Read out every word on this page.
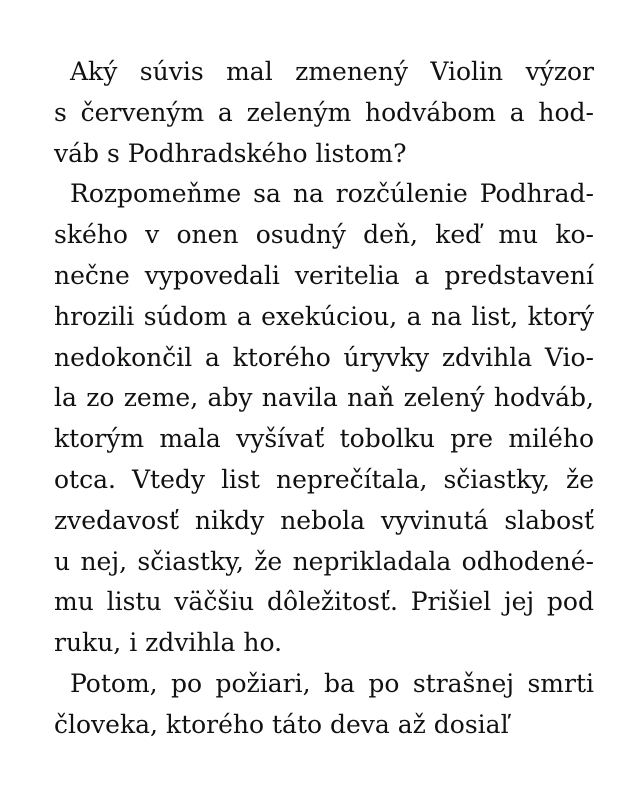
Aký súvis mal zmenený Violin výzor
s červeným a zeleným hodvábom a hod-
váb s Podhradského listom?
Rozpomeňme sa na rozčúlenie Podhrad-
ského v onen osudný deň, keď mu ko-
nečne vypovedali veritelia a predstavení
hrozili súdom a exekúciou, a na list, ktorý
nedokončil a ktorého úryvky zdvihla Vio-
la zo zeme, aby navila naň zelený hodváb,
ktorým mala vyšívať tobolku pre milého
otca. Vtedy list neprečítala, sčiastky, že
zvedavosť nikdy nebola vyvinutá slabosť
u nej, sčiastky, že neprikladala odhodené-
mu listu väčšiu dôležitosť. Prišiel jej pod
ruku, i zdvihla ho.
Potom, po požiari, ba po strašnej smrti
človeka, ktorého táto deva až dosiaľ
